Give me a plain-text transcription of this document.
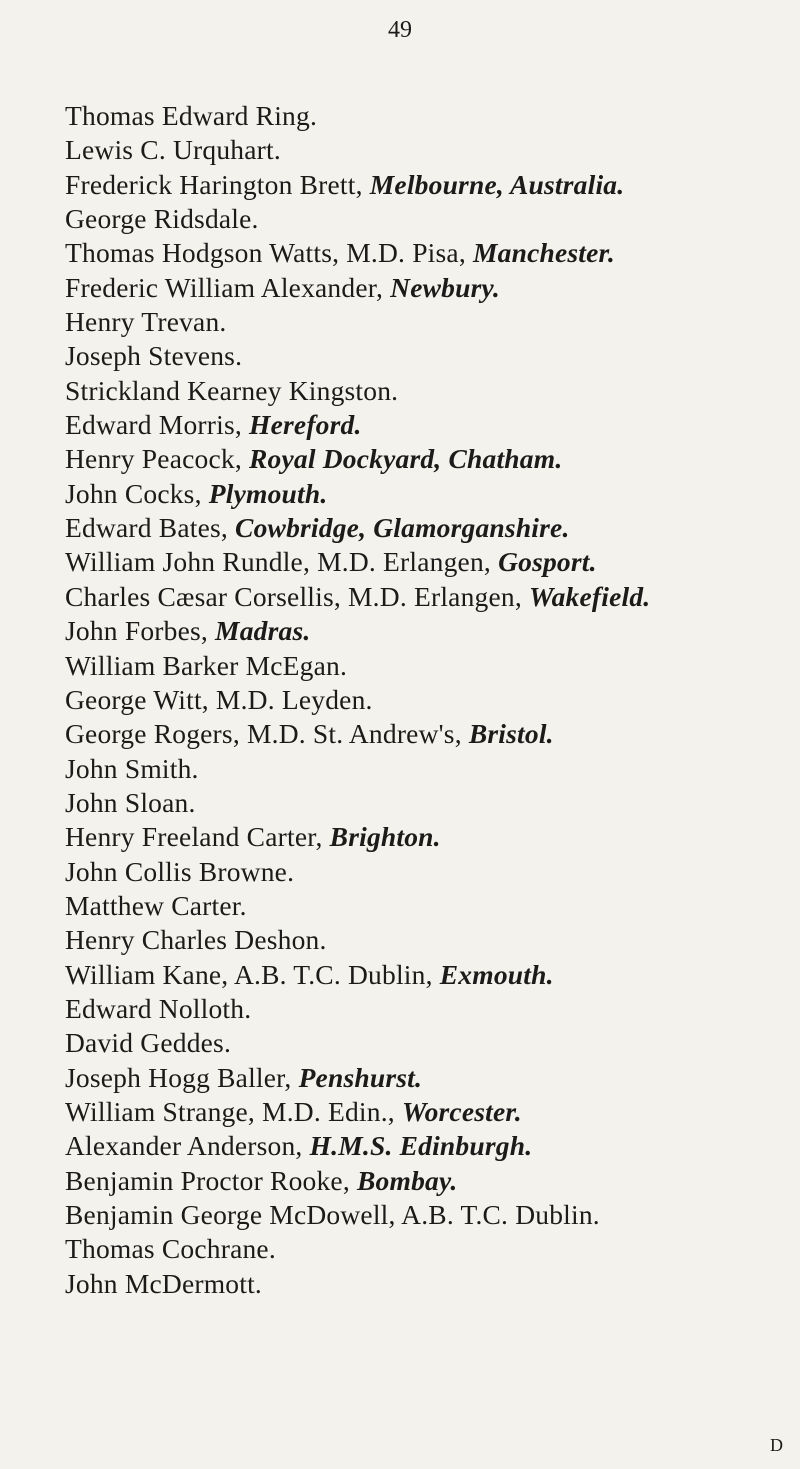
49
Thomas Edward Ring.
Lewis C. Urquhart.
Frederick Harington Brett, Melbourne, Australia.
George Ridsdale.
Thomas Hodgson Watts, M.D. Pisa, Manchester.
Frederic William Alexander, Newbury.
Henry Trevan.
Joseph Stevens.
Strickland Kearney Kingston.
Edward Morris, Hereford.
Henry Peacock, Royal Dockyard, Chatham.
John Cocks, Plymouth.
Edward Bates, Cowbridge, Glamorganshire.
William John Rundle, M.D. Erlangen, Gosport.
Charles Cæsar Corsellis, M.D. Erlangen, Wakefield.
John Forbes, Madras.
William Barker McEgan.
George Witt, M.D. Leyden.
George Rogers, M.D. St. Andrew's, Bristol.
John Smith.
John Sloan.
Henry Freeland Carter, Brighton.
John Collis Browne.
Matthew Carter.
Henry Charles Deshon.
William Kane, A.B. T.C. Dublin, Exmouth.
Edward Nolloth.
David Geddes.
Joseph Hogg Baller, Penshurst.
William Strange, M.D. Edin., Worcester.
Alexander Anderson, H.M.S. Edinburgh.
Benjamin Proctor Rooke, Bombay.
Benjamin George McDowell, A.B. T.C. Dublin.
Thomas Cochrane.
John McDermott.
D
